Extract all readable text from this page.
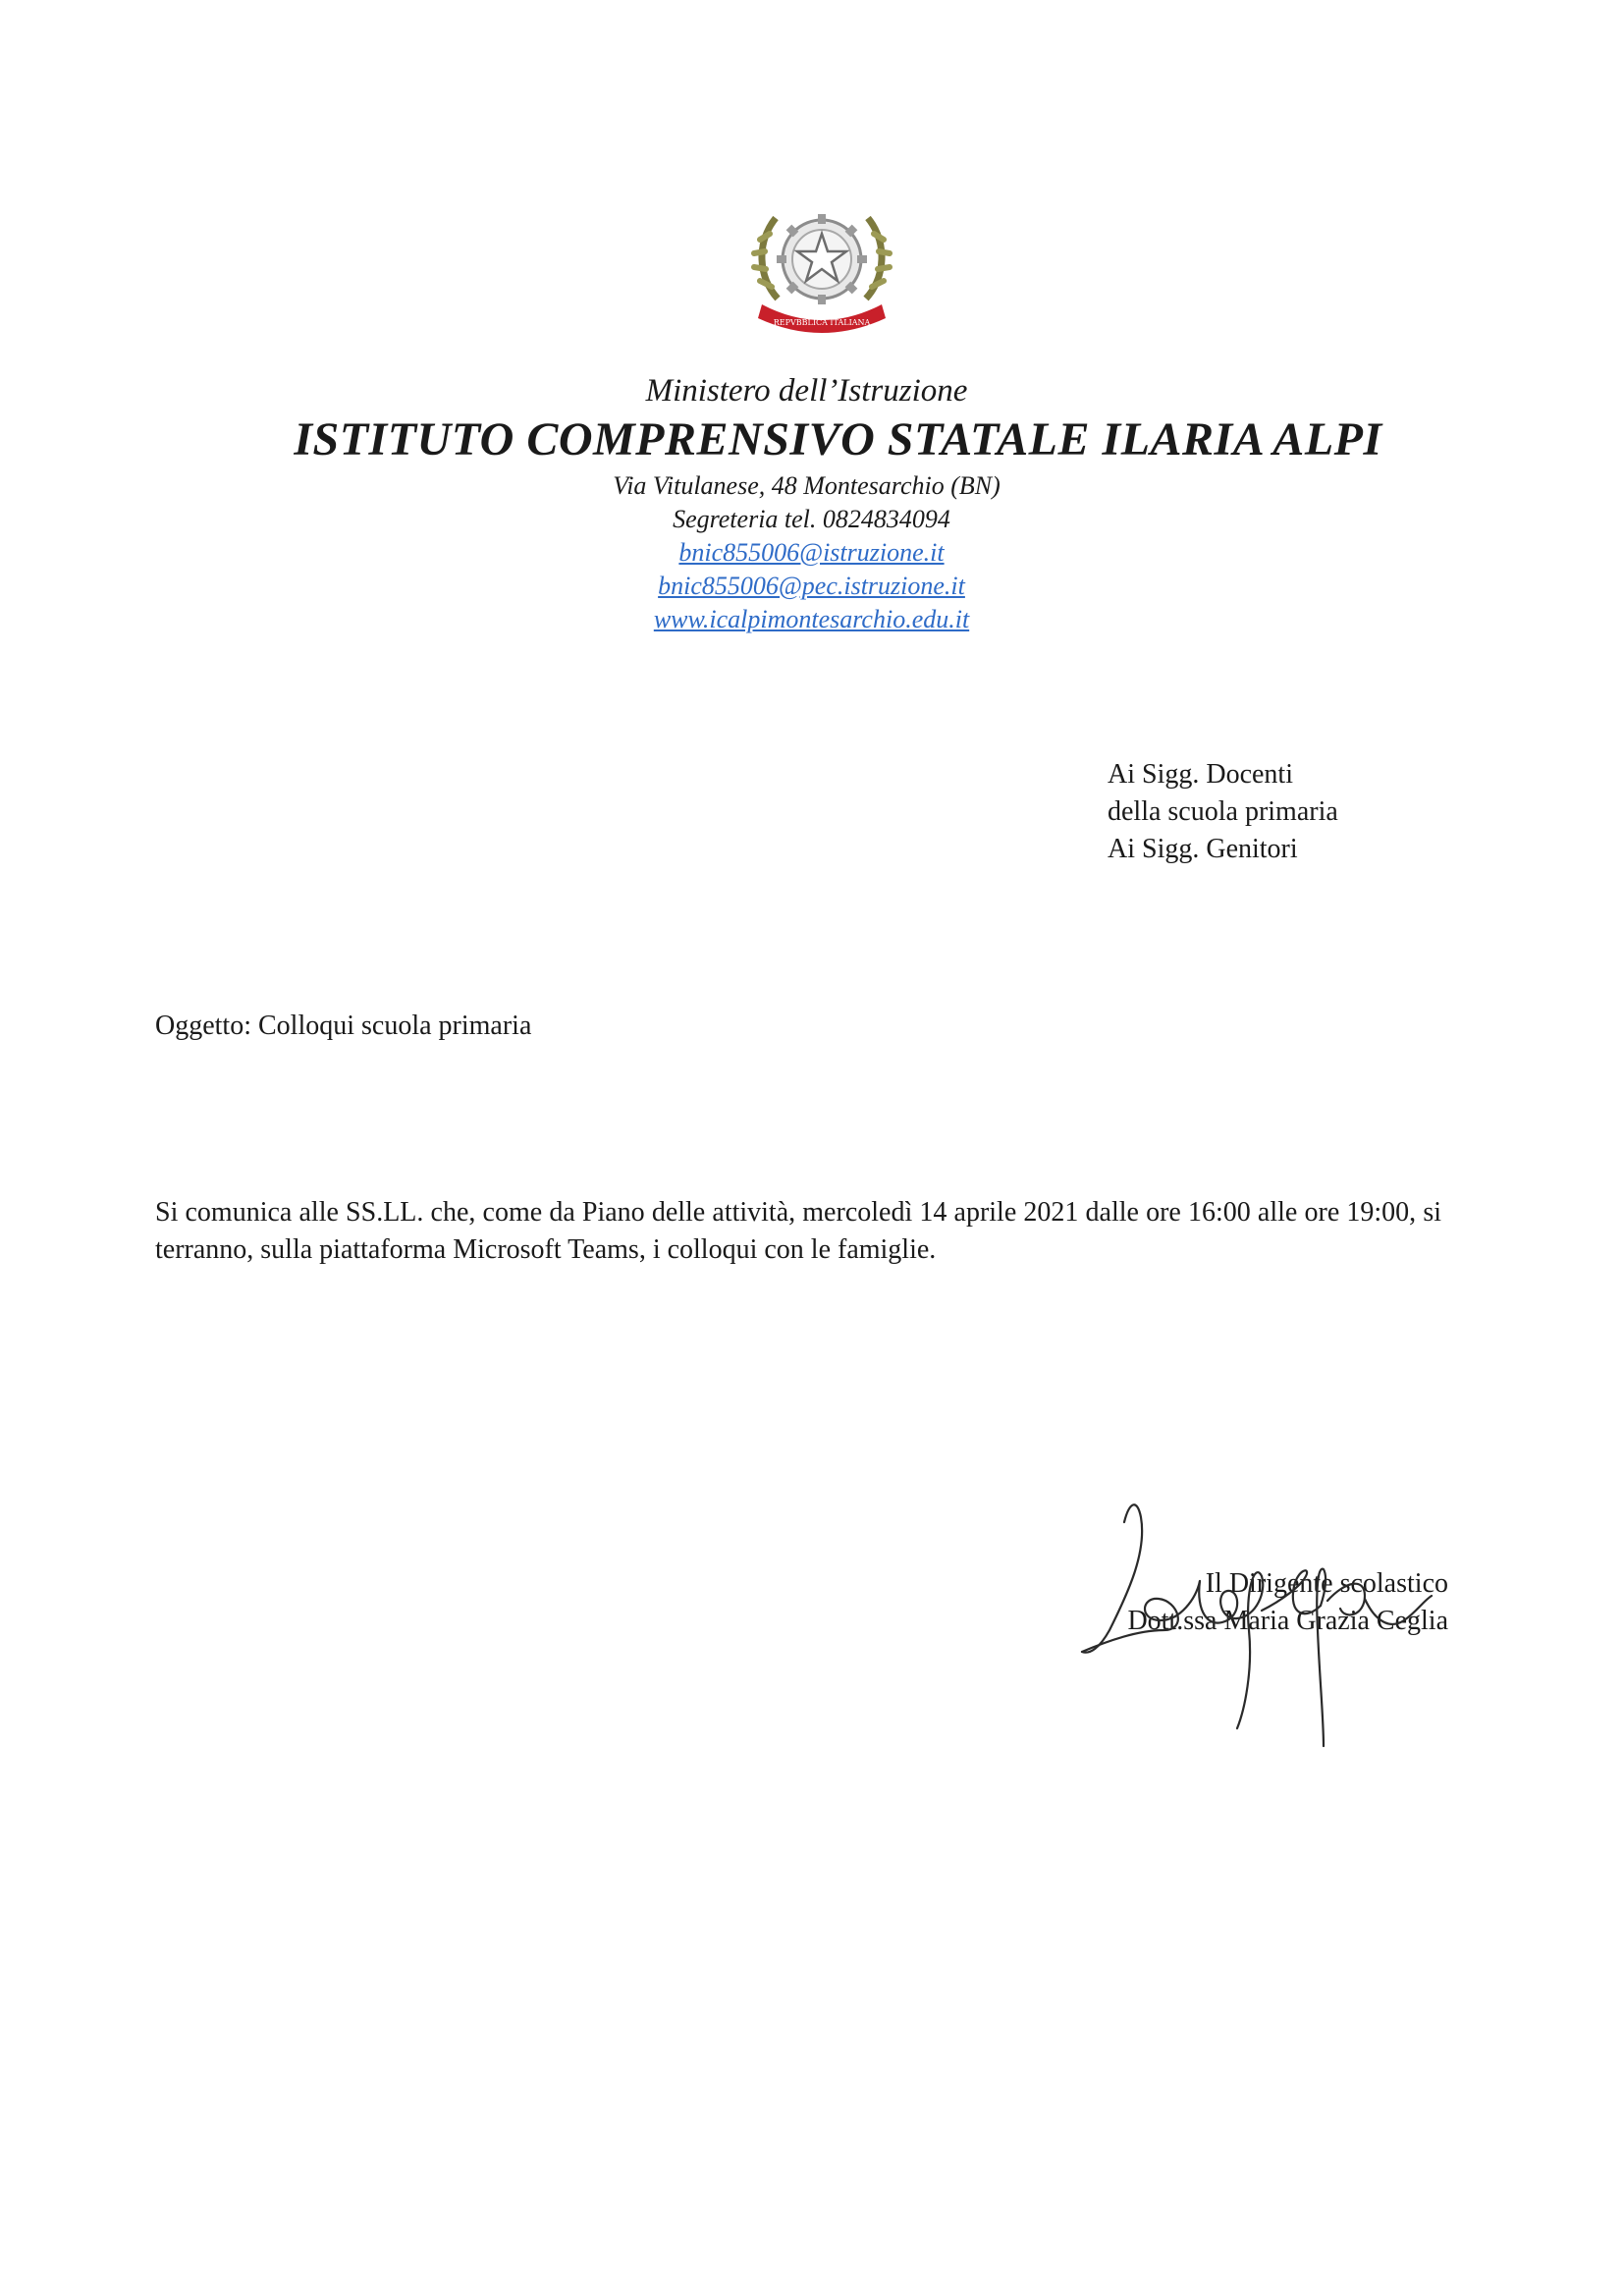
REPVBBLICA ITALIANA
Ministero dell’Istruzione
ISTITUTO COMPRENSIVO STATALE ILARIA ALPI
Via Vitulanese, 48 Montesarchio (BN)
Segreteria tel. 0824834094
bnic855006@istruzione.it
bnic855006@pec.istruzione.it
www.icalpimontesarchio.edu.it
Ai Sigg. Docenti
della scuola primaria
Ai Sigg. Genitori
Oggetto: Colloqui scuola primaria
Si comunica alle SS.LL. che, come da Piano delle attività, mercoledì 14 aprile 2021 dalle ore 16:00 alle ore 19:00, si terranno, sulla piattaforma Microsoft Teams, i colloqui con le famiglie.
Il Dirigente scolastico
Dott.ssa Maria Grazia Ceglia
